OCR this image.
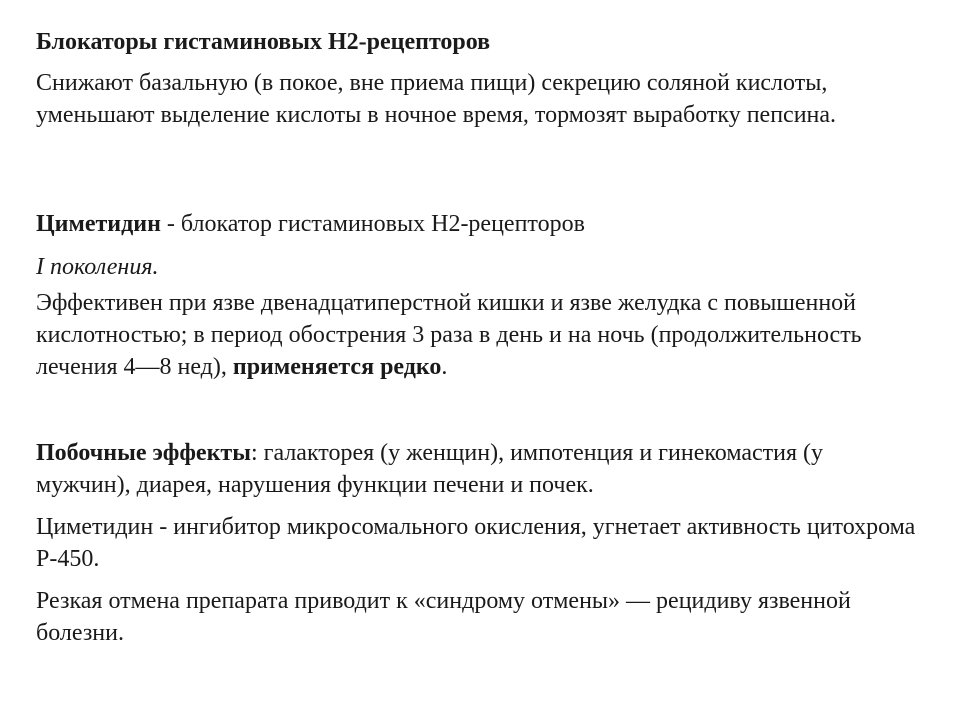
Блокаторы гистаминовых Н2-рецепторов

Снижают базальную (в покое, вне приема пищи) секрецию соляной кислоты, уменьшают выделение кислоты в ночное время, тормозят выработку пепсина.

Циметидин - блокатор гистаминовых Н2-рецепторов

I поколения.

Эффективен при язве двенадцатиперстной кишки и язве желудка с повышенной кислотностью; в период обострения 3 раза в день и на ночь (продолжительность лечения 4—8 нед), применяется редко.

Побочные эффекты: галакторея (у женщин), импотенция и гинекомастия (у мужчин), диарея, нарушения функции печени и почек.

Циметидин - ингибитор микросомального окисления, угнетает активность цитохрома Р-450.

Резкая отмена препарата приводит к «синдрому отмены» — рецидиву язвенной болезни.
